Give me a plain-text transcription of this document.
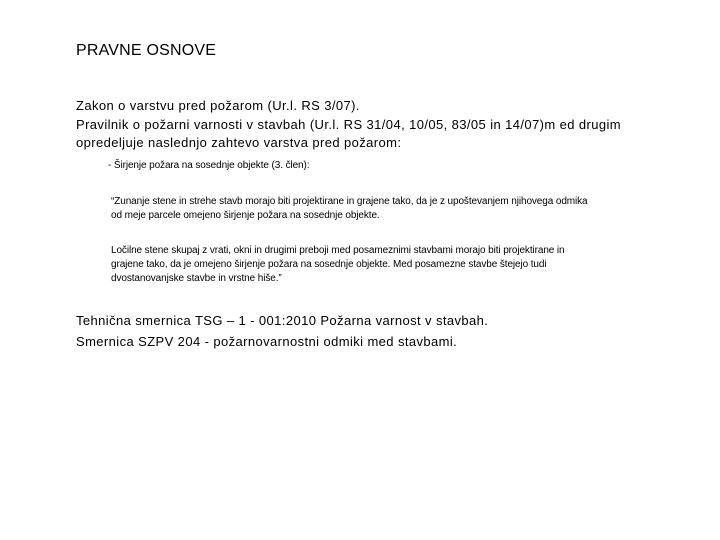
PRAVNE OSNOVE
Zakon o varstvu pred požarom (Ur.l. RS 3/07).
Pravilnik o požarni varnosti v stavbah (Ur.l. RS 31/04, 10/05, 83/05 in 14/07)m ed drugim
opredeljuje naslednjo zahtevo varstva pred požarom:
- Širjenje požara na sosednje objekte (3. člen):
“Zunanje stene in strehe stavb morajo biti projektirane in grajene tako, da je z upoštevanjem njihovega odmika
od meje parcele omejeno širjenje požara na sosednje objekte.
Ločilne stene skupaj z vrati, okni in drugimi preboji med posameznimi stavbami morajo biti projektirane in
grajene tako, da je omejeno širjenje požara na sosednje objekte. Med posamezne stavbe štejejo tudi
dvostanovanjske stavbe in vrstne hiše.”
Tehnična smernica TSG – 1 - 001:2010 Požarna varnost v stavbah.
Smernica SZPV 204 - požarnovarnostni odmiki med stavbami.
